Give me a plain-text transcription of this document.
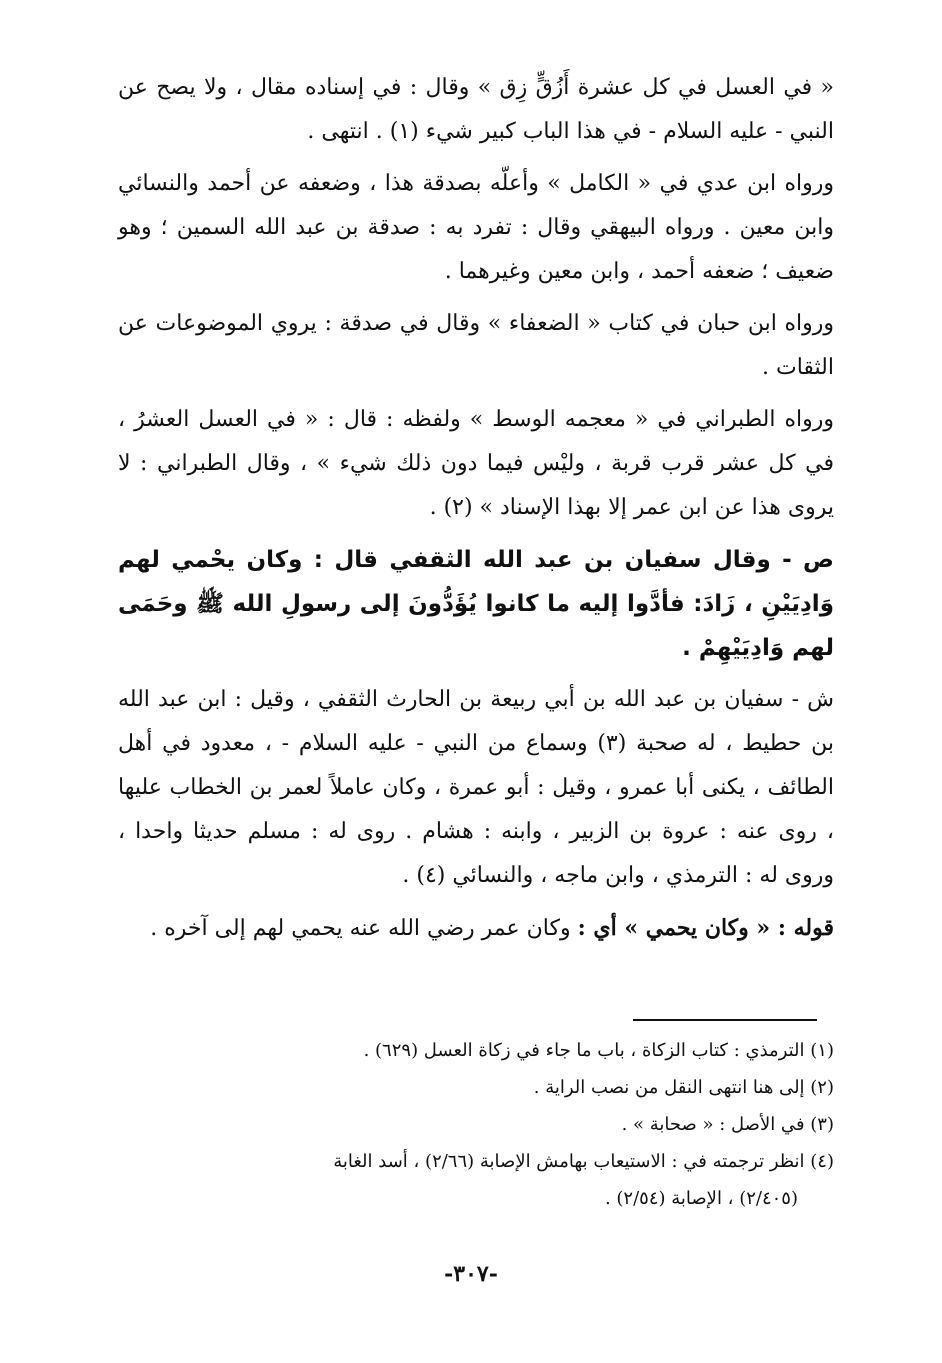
« في العسل في كل عشرة أَزُقٍّ زِق » وقال : في إسناده مقال ، ولا يصح عن النبي - عليه السلام - في هذا الباب كبير شيء (١) . انتهى .

ورواه ابن عدي في « الكامل » وأعلّه بصدقة هذا ، وضعفه عن أحمد والنسائي وابن معين . ورواه البيهقي وقال : تفرد به : صدقة بن عبد الله السمين ؛ وهو ضعيف ؛ ضعفه أحمد ، وابن معين وغيرهما .

ورواه ابن حبان في كتاب « الضعفاء » وقال في صدقة : يروي الموضوعات عن الثقات .

ورواه الطبراني في « معجمه الوسط » ولفظه : قال : « في العسل العشرُ ، في كل عشر قرب قربة ، وليْس فيما دون ذلك شيء » ، وقال الطبراني : لا يروى هذا عن ابن عمر إلا بهذا الإسناد » (٢) .

ص - وقال سفيان بن عبد الله الثقفي قال : وكان يحْمي لهم وَادِيَيْنِ ، زَادَ: فأدَّوا إليه ما كانوا يُؤَدُّونَ إلى رسولِ الله ﷺ وحَمَى لهم وَادِيَيْهِمْ .

ش - سفيان بن عبد الله بن أبي ربيعة بن الحارث الثقفي ، وقيل : ابن عبد الله بن حطيط ، له صحبة (٣) وسماع من النبي - عليه السلام - ، معدود في أهل الطائف ، يكنى أبا عمرو ، وقيل : أبو عمرة ، وكان عاملاً لعمر بن الخطاب عليها ، روى عنه : عروة بن الزبير ، وابنه : هشام . روى له : مسلم حديثا واحدا ، وروى له : الترمذي ، وابن ماجه ، والنسائي (٤) .

قوله : « وكان يحمي » أي : وكان عمر رضي الله عنه يحمي لهم إلى آخره .

(١) الترمذي : كتاب الزكاة ، باب ما جاء في زكاة العسل (٦٢٩) .

(٢) إلى هنا انتهى النقل من نصب الراية .

(٣) في الأصل : « صحابة » .

(٤) انظر ترجمته في : الاستيعاب بهامش الإصابة (٢/٦٦) ، أسد الغابة
(٢/٤٠٥) ، الإصابة (٢/٥٤) .

-٣٠٧-
